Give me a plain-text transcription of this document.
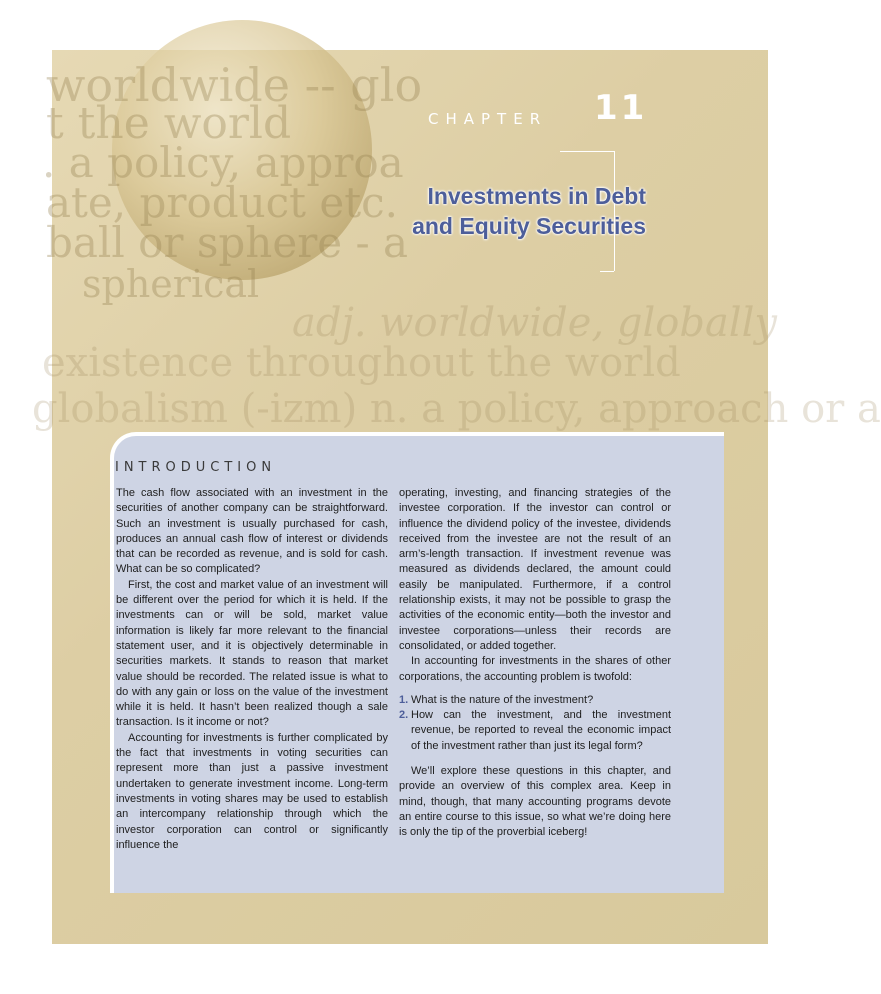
worldwide -- glo
t the world
. a policy, approa
ate, product etc.
ball or sphere - a
spherical
adj. worldwide, globally
existence throughout the world
globalism (-izm) n. a policy, approach or a
CHAPTER 11
Investments in Debt
and Equity Securities
INTRODUCTION

The cash flow associated with an investment in the securities of another company can be straightforward. Such an investment is usually purchased for cash, produces an annual cash flow of interest or dividends that can be recorded as revenue, and is sold for cash. What can be so complicated?

First, the cost and market value of an investment will be different over the period for which it is held. If the investments can or will be sold, market value information is likely far more relevant to the financial statement user, and it is objectively determinable in securities markets. It stands to reason that market value should be recorded. The related issue is what to do with any gain or loss on the value of the investment while it is held. It hasn’t been realized though a sale transaction. Is it income or not?

Accounting for investments is further complicated by the fact that investments in voting securities can represent more than just a passive investment undertaken to generate investment income. Long-term investments in voting shares may be used to establish an intercompany relationship through which the investor corporation can control or significantly influence the

operating, investing, and financing strategies of the investee corporation. If the investor can control or influence the dividend policy of the investee, dividends received from the investee are not the result of an arm’s-length transaction. If investment revenue was measured as dividends declared, the amount could easily be manipulated. Furthermore, if a control relationship exists, it may not be possible to grasp the activities of the economic entity—both the investor and investee corporations—unless their records are consolidated, or added together.

In accounting for investments in the shares of other corporations, the accounting problem is twofold:

1. What is the nature of the investment?
2. How can the investment, and the investment revenue, be reported to reveal the economic impact of the investment rather than just its legal form?

We’ll explore these questions in this chapter, and provide an overview of this complex area. Keep in mind, though, that many accounting programs devote an entire course to this issue, so what we’re doing here is only the tip of the proverbial iceberg!
